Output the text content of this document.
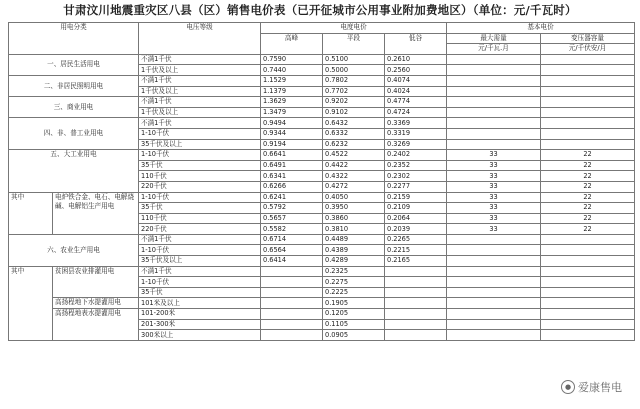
甘肃汶川地震重灾区八县（区）销售电价表（已开征城市公用事业附加费地区）（单位：元/千瓦时）
用电分类		电压等级	电度电价			基本电价	
			高峰	平段	低谷	最大需量	变压器容量
						元/千瓦.月	元/千伏安/月
一、居民生活用电		不满1千伏	0.7590	0.5100	0.2610		
		1千伏及以上	0.7440	0.5000	0.2560		
二、非居民照明用电		不满1千伏	1.1529	0.7802	0.4074		
		1千伏及以上	1.1379	0.7702	0.4024		
三、商业用电		不满1千伏	1.3629	0.9202	0.4774		
		1千伏及以上	1.3479	0.9102	0.4724		
四、非、普工业用电		不满1千伏	0.9494	0.6432	0.3369		
		1-10千伏	0.9344	0.6332	0.3319		
		35千伏及以上	0.9194	0.6232	0.3269		
五、大工业用电		1-10千伏	0.6641	0.4522	0.2402	33	22
		35千伏	0.6491	0.4422	0.2352	33	22
		110千伏	0.6341	0.4322	0.2302	33	22
		220千伏	0.6266	0.4272	0.2277	33	22
其中	电炉铁合金、电石、电解烧碱、电解铝生产用电	1-10千伏	0.6241	0.4050	0.2159	33	22
		35千伏	0.5792	0.3950	0.2109	33	22
		110千伏	0.5657	0.3860	0.2064	33	22
		220千伏	0.5582	0.3810	0.2039	33	22
六、农业生产用电		不满1千伏	0.6714	0.4489	0.2265		
		1-10千伏	0.6564	0.4389	0.2215		
		35千伏及以上	0.6414	0.4289	0.2165		
其中	贫困县农业排灌用电	不满1千伏		0.2325			
		1-10千伏		0.2275			
		35千伏		0.2225			
	高扬程地下水提灌用电	101米及以上		0.1905			
	高扬程地表水提灌用电	101-200米		0.1205			
		201-300米		0.1105			
		300米以上		0.0905			
● 爱康售电
